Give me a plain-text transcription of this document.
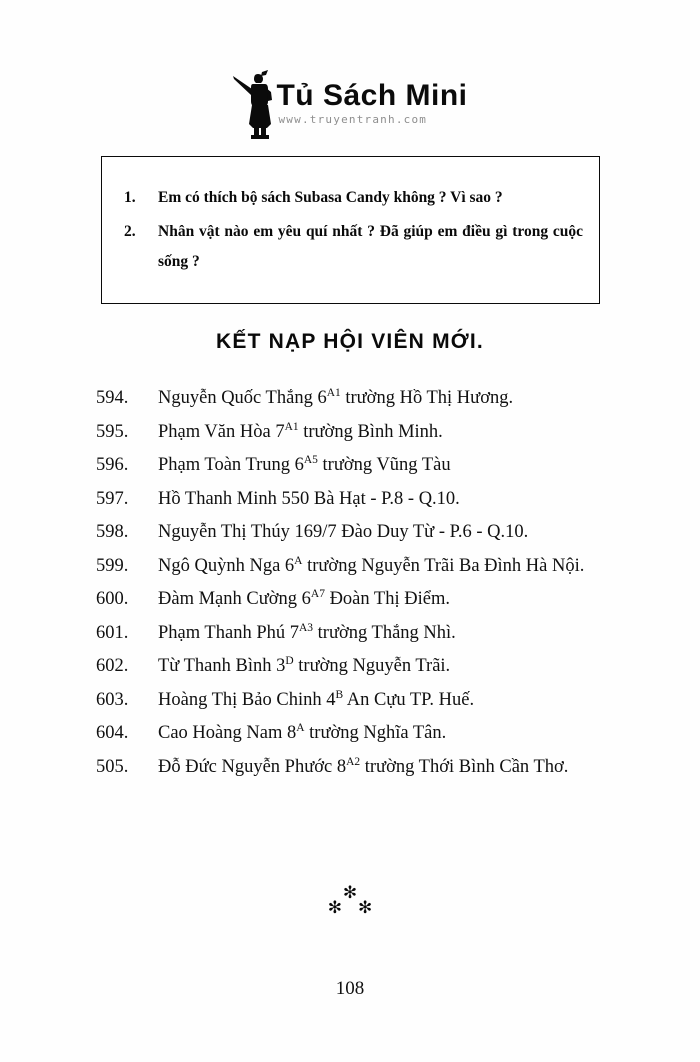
Tủ Sách Mini
www.truyentranh.com
1.	Em có thích bộ sách Subasa Candy không ? Vì sao ?
2.	Nhân vật nào em yêu quí nhất ? Đã giúp em điều gì trong cuộc sống ?
KẾT NẠP HỘI VIÊN MỚI.
594.	Nguyễn Quốc Thắng $6^{A1}$ trường Hồ Thị Hương.
595.	Phạm Văn Hòa $7^{A1}$ trường Bình Minh.
596.	Phạm Toàn Trung $6^{A5}$ trường Vũng Tàu
597.	Hồ Thanh Minh 550 Bà Hạt - P.8 - Q.10.
598.	Nguyễn Thị Thúy 169/7 Đào Duy Từ - P.6 - Q.10.
599.	Ngô Quỳnh Nga $6^A$ trường Nguyễn Trãi Ba Đình Hà Nội.
600.	Đàm Mạnh Cường $6^{A7}$ Đoàn Thị Điểm.
601.	Phạm Thanh Phú $7^{A3}$ trường Thắng Nhì.
602.	Từ Thanh Bình $3^D$ trường Nguyễn Trãi.
603.	Hoàng Thị Bảo Chinh $4^B$ An Cựu TP. Huế.
604.	Cao Hoàng Nam $8^A$ trường Nghĩa Tân.
505.	Đỗ Đức Nguyễn Phước $8^{A2}$ trường Thới Bình Cần Thơ.
✻
✻✻
108
